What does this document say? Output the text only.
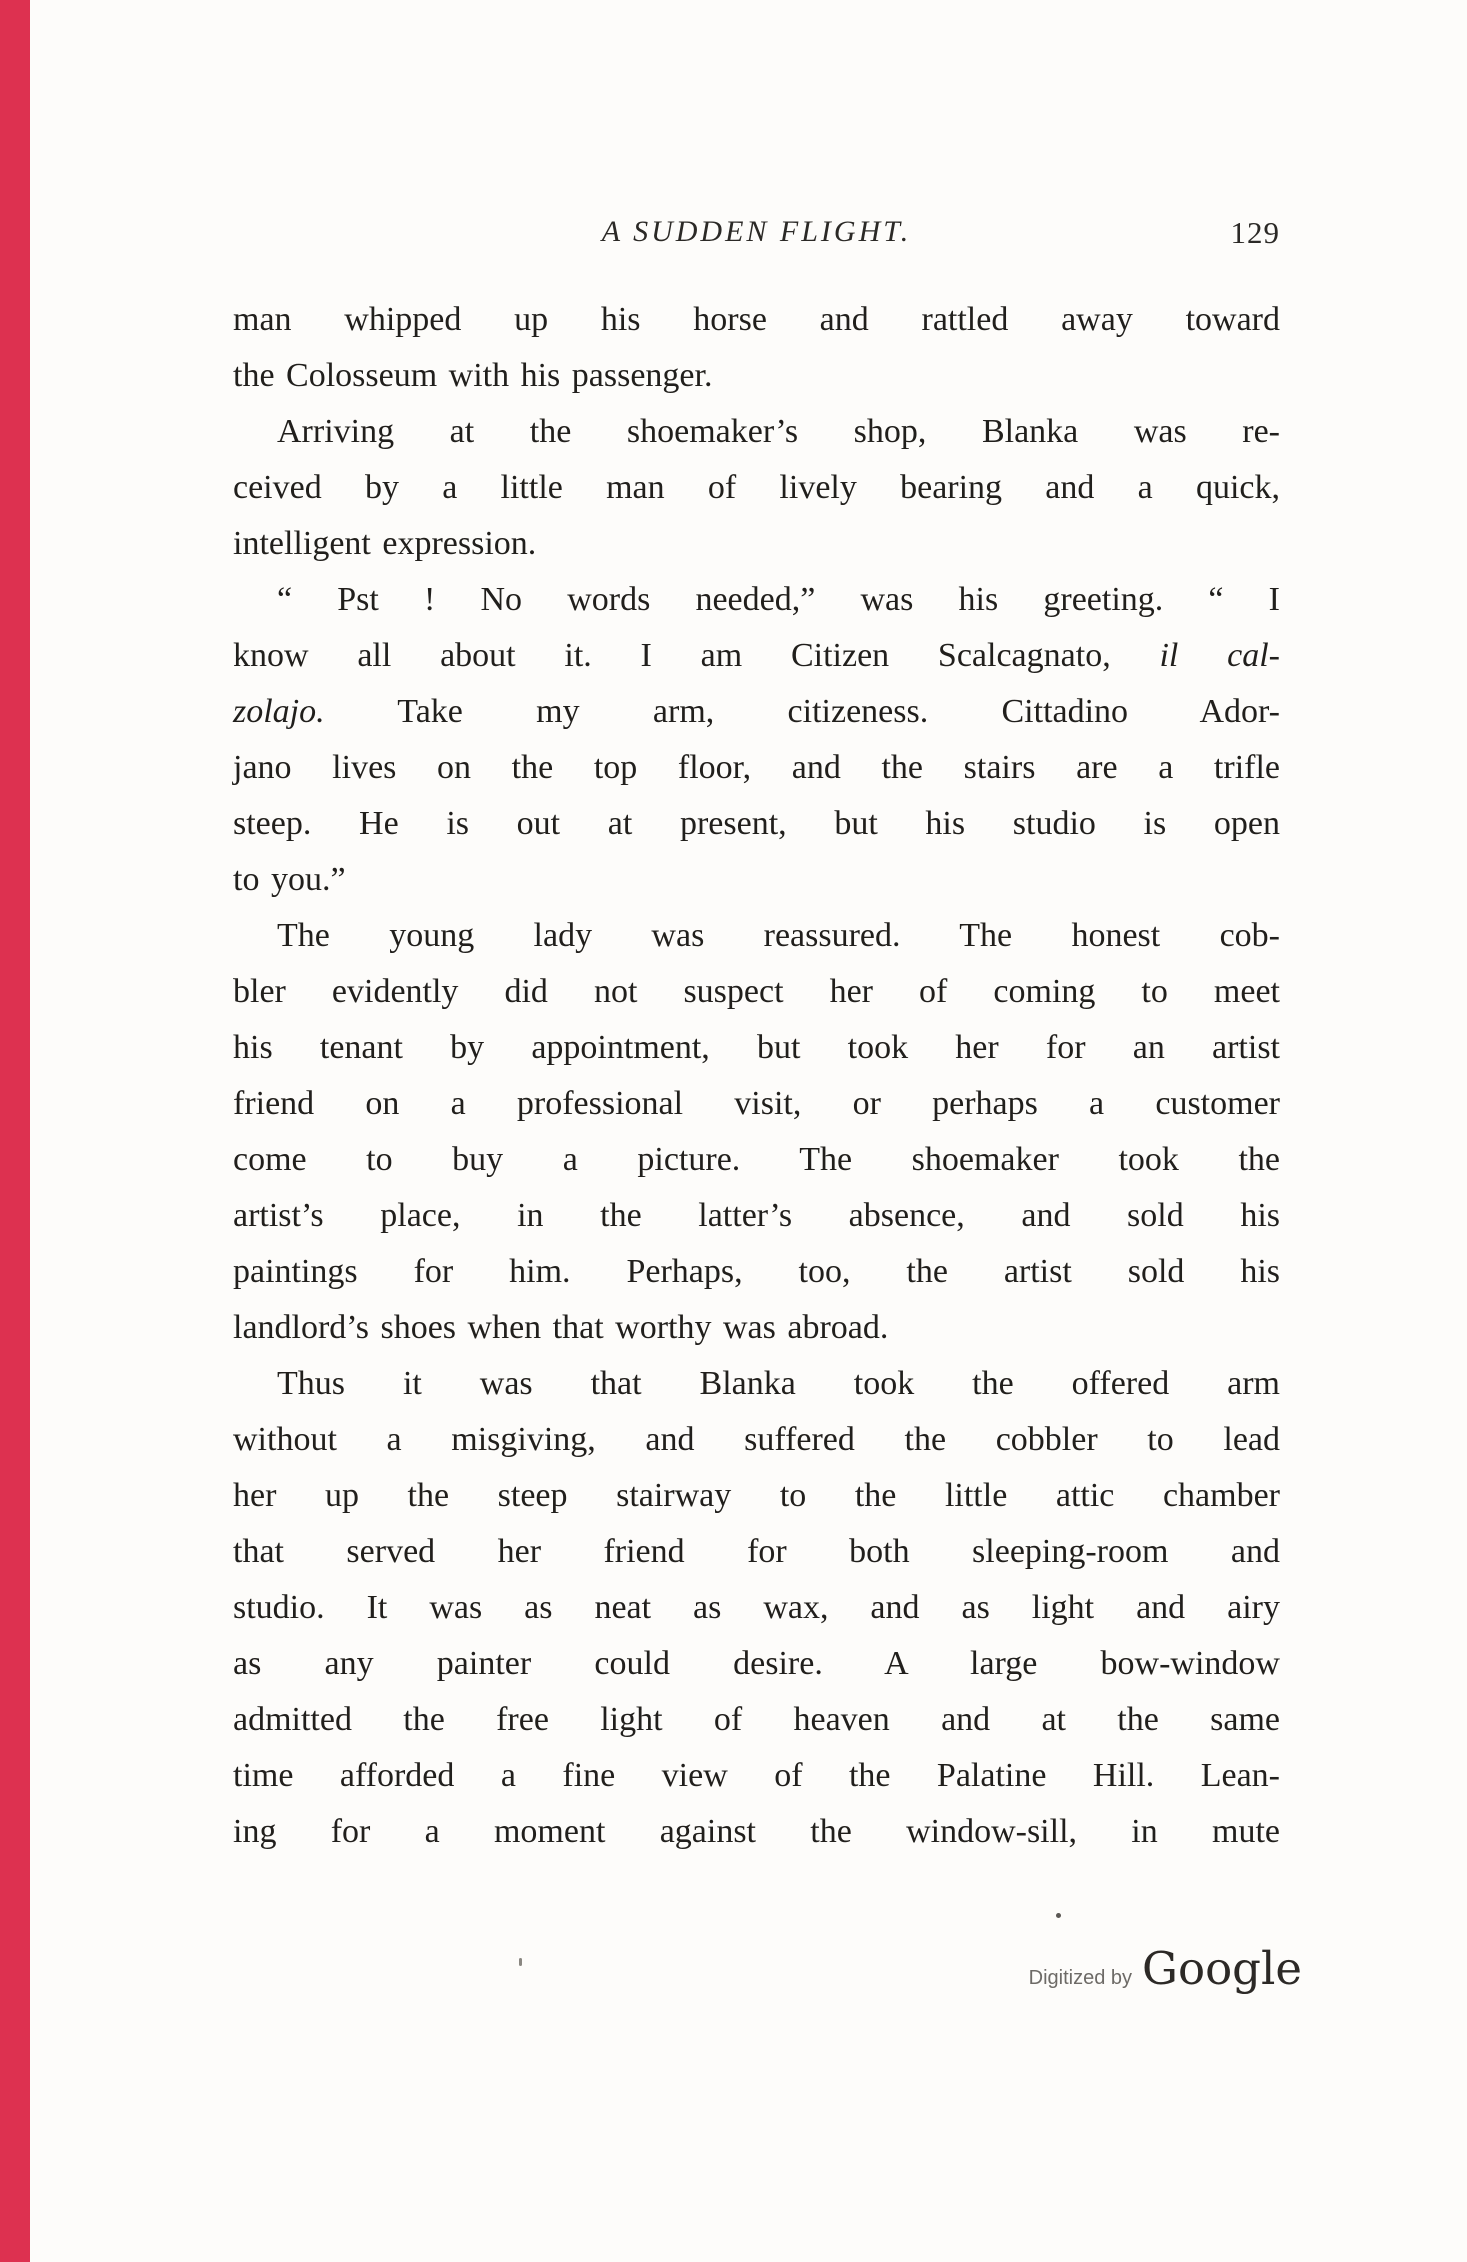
A SUDDEN FLIGHT.	129
man whipped up his horse and rattled away toward
the Colosseum with his passenger.
Arriving at the shoemaker’s shop, Blanka was re-
ceived by a little man of lively bearing and a quick,
intelligent expression.
“ Pst ! No words needed,” was his greeting. “ I
know all about it. I am Citizen Scalcagnato, il cal-
zolajo. Take my arm, citizeness. Cittadino Ador-
jano lives on the top floor, and the stairs are a trifle
steep. He is out at present, but his studio is open
to you.”
The young lady was reassured. The honest cob-
bler evidently did not suspect her of coming to meet
his tenant by appointment, but took her for an artist
friend on a professional visit, or perhaps a customer
come to buy a picture. The shoemaker took the
artist’s place, in the latter’s absence, and sold his
paintings for him. Perhaps, too, the artist sold his
landlord’s shoes when that worthy was abroad.
Thus it was that Blanka took the offered arm
without a misgiving, and suffered the cobbler to lead
her up the steep stairway to the little attic chamber
that served her friend for both sleeping-room and
studio. It was as neat as wax, and as light and airy
as any painter could desire. A large bow-window
admitted the free light of heaven and at the same
time afforded a fine view of the Palatine Hill. Lean-
ing for a moment against the window-sill, in mute
Digitized by Google
